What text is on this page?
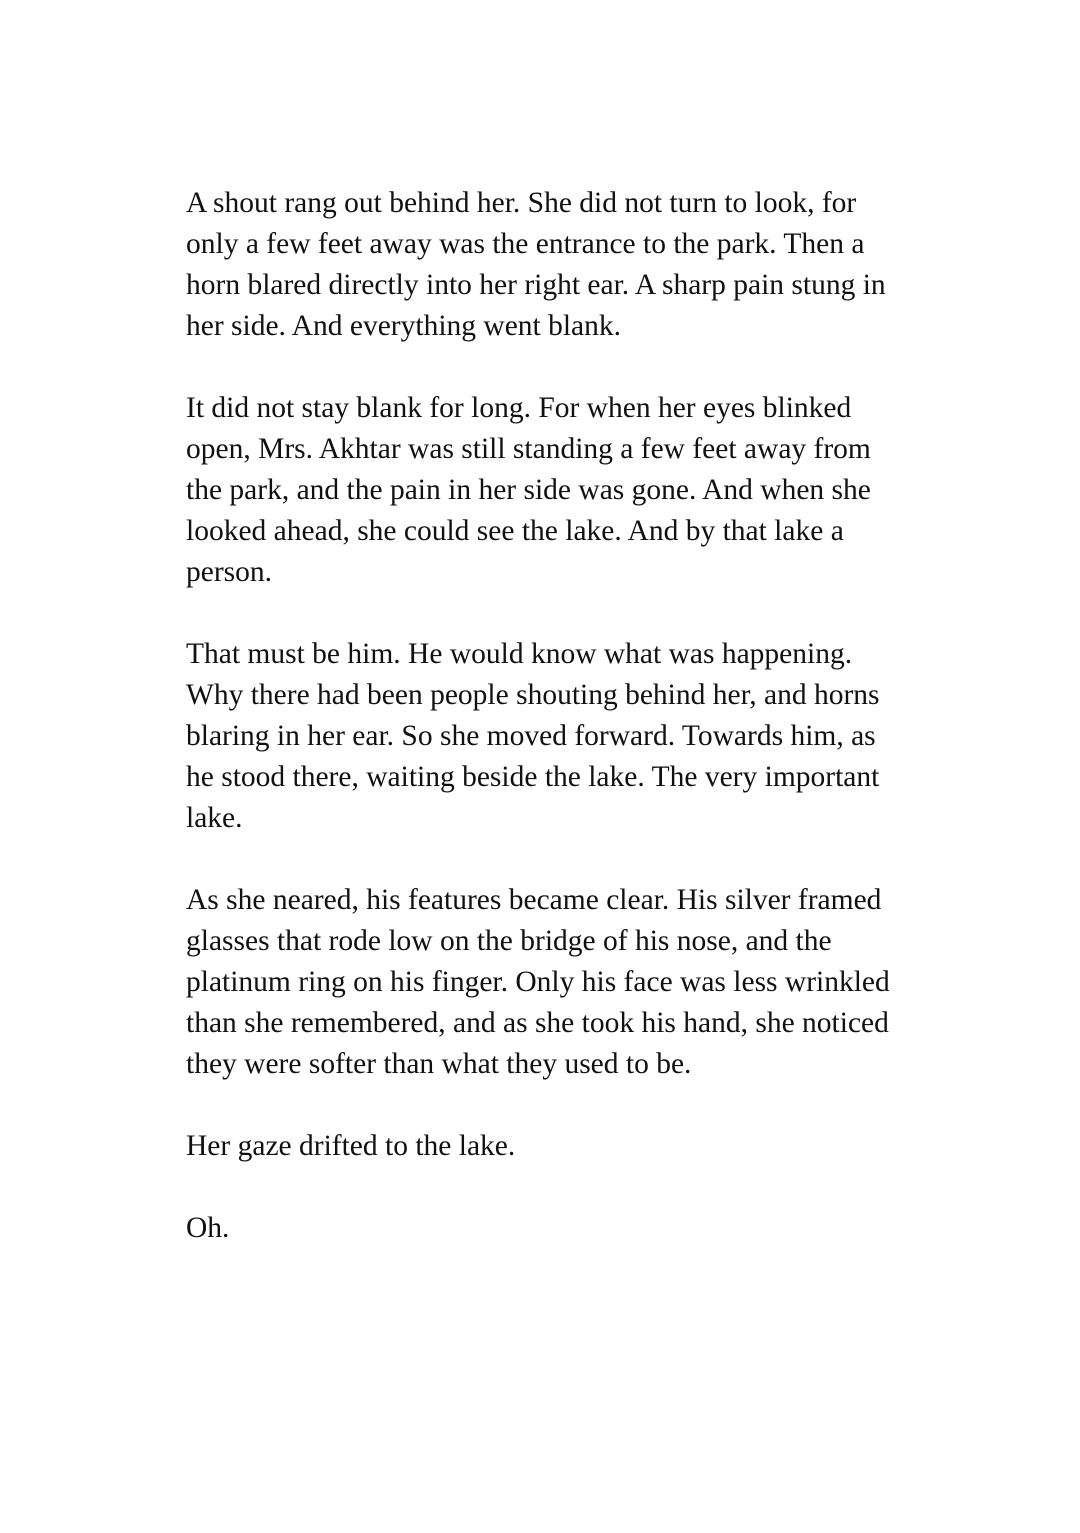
A shout rang out behind her. She did not turn to look, for only a few feet away was the entrance to the park. Then a horn blared directly into her right ear. A sharp pain stung in her side. And everything went blank.

It did not stay blank for long. For when her eyes blinked open, Mrs. Akhtar was still standing a few feet away from the park, and the pain in her side was gone. And when she looked ahead, she could see the lake. And by that lake a person.

That must be him. He would know what was happening. Why there had been people shouting behind her, and horns blaring in her ear. So she moved forward. Towards him, as he stood there, waiting beside the lake. The very important lake.

As she neared, his features became clear. His silver framed glasses that rode low on the bridge of his nose, and the platinum ring on his finger. Only his face was less wrinkled than she remembered, and as she took his hand, she noticed they were softer than what they used to be.

Her gaze drifted to the lake.

Oh.
